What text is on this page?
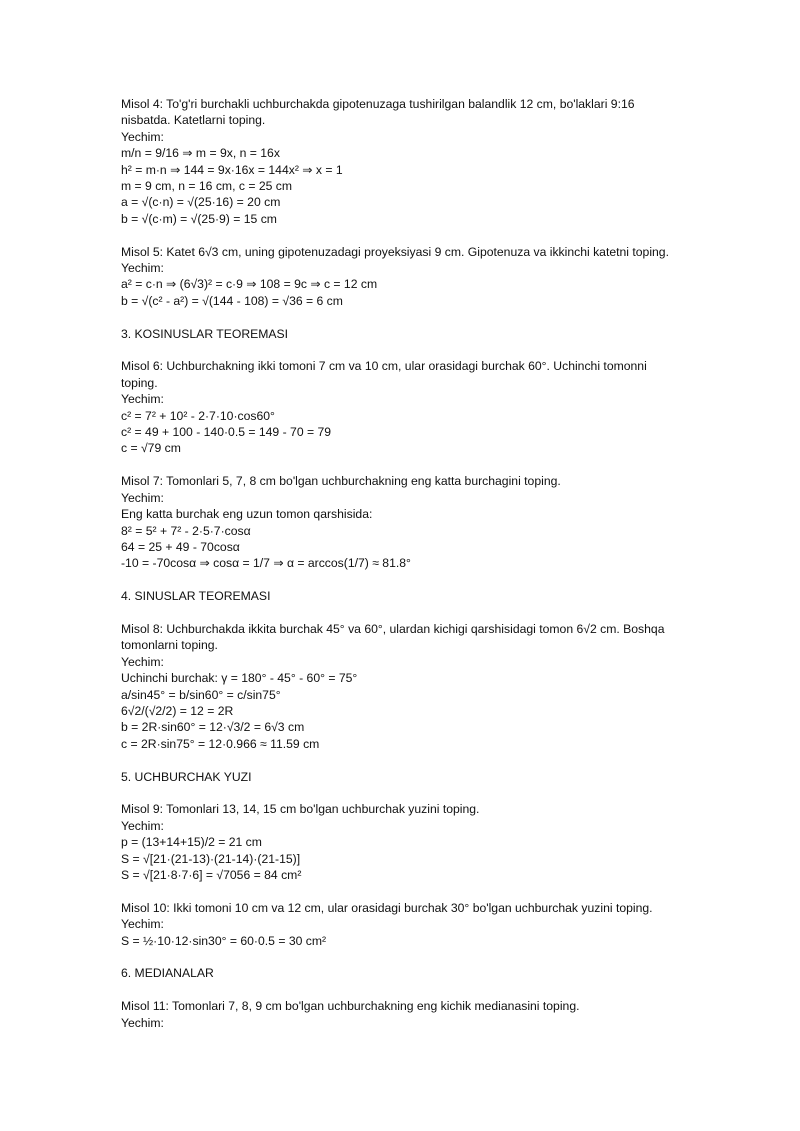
Misol 4: To'g'ri burchakli uchburchakda gipotenuzaga tushirilgan balandlik 12 cm, bo'laklari 9:16 nisbatda. Katetlarni toping.
Yechim:
m/n = 9/16 ⇒ m = 9x, n = 16x
h² = m·n ⇒ 144 = 9x·16x = 144x² ⇒ x = 1
m = 9 cm, n = 16 cm, c = 25 cm
a = √(c·n) = √(25·16) = 20 cm
b = √(c·m) = √(25·9) = 15 cm
Misol 5: Katet 6√3 cm, uning gipotenuzadagi proyeksiyasi 9 cm. Gipotenuza va ikkinchi katetni toping.
Yechim:
a² = c·n ⇒ (6√3)² = c·9 ⇒ 108 = 9c ⇒ c = 12 cm
b = √(c² - a²) = √(144 - 108) = √36 = 6 cm
3. KOSINUSLAR TEOREMASI
Misol 6: Uchburchakning ikki tomoni 7 cm va 10 cm, ular orasidagi burchak 60°. Uchinchi tomonni toping.
Yechim:
c² = 7² + 10² - 2·7·10·cos60°
c² = 49 + 100 - 140·0.5 = 149 - 70 = 79
c = √79 cm
Misol 7: Tomonlari 5, 7, 8 cm bo'lgan uchburchakning eng katta burchagini toping.
Yechim:
Eng katta burchak eng uzun tomon qarshisida:
8² = 5² + 7² - 2·5·7·cosα
64 = 25 + 49 - 70cosα
-10 = -70cosα ⇒ cosα = 1/7 ⇒ α = arccos(1/7) ≈ 81.8°
4. SINUSLAR TEOREMASI
Misol 8: Uchburchakda ikkita burchak 45° va 60°, ulardan kichigi qarshisidagi tomon 6√2 cm. Boshqa tomonlarni toping.
Yechim:
Uchinchi burchak: γ = 180° - 45° - 60° = 75°
a/sin45° = b/sin60° = c/sin75°
6√2/(√2/2) = 12 = 2R
b = 2R·sin60° = 12·√3/2 = 6√3 cm
c = 2R·sin75° = 12·0.966 ≈ 11.59 cm
5. UCHBURCHAK YUZI
Misol 9: Tomonlari 13, 14, 15 cm bo'lgan uchburchak yuzini toping.
Yechim:
p = (13+14+15)/2 = 21 cm
S = √[21·(21-13)·(21-14)·(21-15)]
S = √[21·8·7·6] = √7056 = 84 cm²
Misol 10: Ikki tomoni 10 cm va 12 cm, ular orasidagi burchak 30° bo'lgan uchburchak yuzini toping.
Yechim:
S = ½·10·12·sin30° = 60·0.5 = 30 cm²
6. MEDIANALAR
Misol 11: Tomonlari 7, 8, 9 cm bo'lgan uchburchakning eng kichik medianasini toping.
Yechim:
